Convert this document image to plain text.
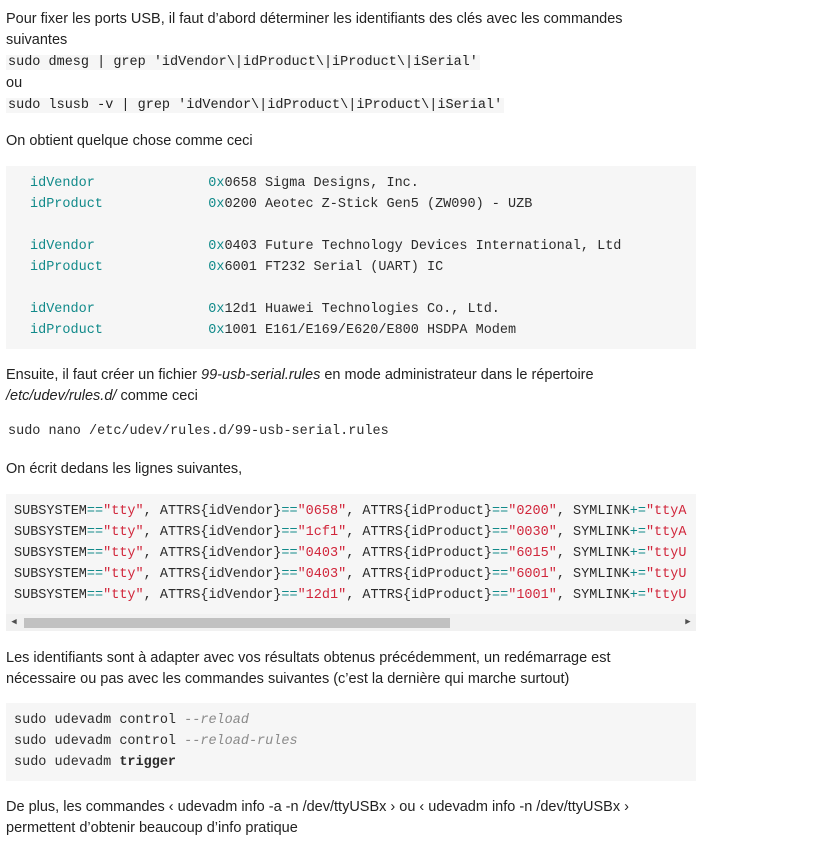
Pour fixer les ports USB, il faut d’abord déterminer les identifiants des clés avec les commandes

suivantes

sudo dmesg | grep 'idVendor\|idProduct\|iProduct\|iSerial'

ou

sudo lsusb -v | grep 'idVendor\|idProduct\|iProduct\|iSerial'

On obtient quelque chose comme ceci

idVendor              0x0658 Sigma Designs, Inc.
idProduct             0x0200 Aeotec Z-Stick Gen5 (ZW090) - UZB
idVendor              0x0403 Future Technology Devices International, Ltd
idProduct             0x6001 FT232 Serial (UART) IC
idVendor              0x12d1 Huawei Technologies Co., Ltd.
idProduct             0x1001 E161/E169/E620/E800 HSDPA Modem

Ensuite, il faut créer un fichier 99-usb-serial.rules en mode administrateur dans le répertoire

/etc/udev/rules.d/ comme ceci

sudo nano /etc/udev/rules.d/99-usb-serial.rules

On écrit dedans les lignes suivantes,

SUBSYSTEM=="tty", ATTRS{idVendor}=="0658", ATTRS{idProduct}=="0200", SYMLINK+="ttyA
SUBSYSTEM=="tty", ATTRS{idVendor}=="1cf1", ATTRS{idProduct}=="0030", SYMLINK+="ttyA
SUBSYSTEM=="tty", ATTRS{idVendor}=="0403", ATTRS{idProduct}=="6015", SYMLINK+="ttyU
SUBSYSTEM=="tty", ATTRS{idVendor}=="0403", ATTRS{idProduct}=="6001", SYMLINK+="ttyU
SUBSYSTEM=="tty", ATTRS{idVendor}=="12d1", ATTRS{idProduct}=="1001", SYMLINK+="ttyU
◀	▶

Les identifiants sont à adapter avec vos résultats obtenus précédemment, un redémarrage est

nécessaire ou pas avec les commandes suivantes (c’est la dernière qui marche surtout)

sudo udevadm control --reload
sudo udevadm control --reload-rules
sudo udevadm trigger

De plus, les commandes ‹ udevadm info -a -n /dev/ttyUSBx › ou ‹ udevadm info -n /dev/ttyUSBx ›

permettent d’obtenir beaucoup d’info pratique
